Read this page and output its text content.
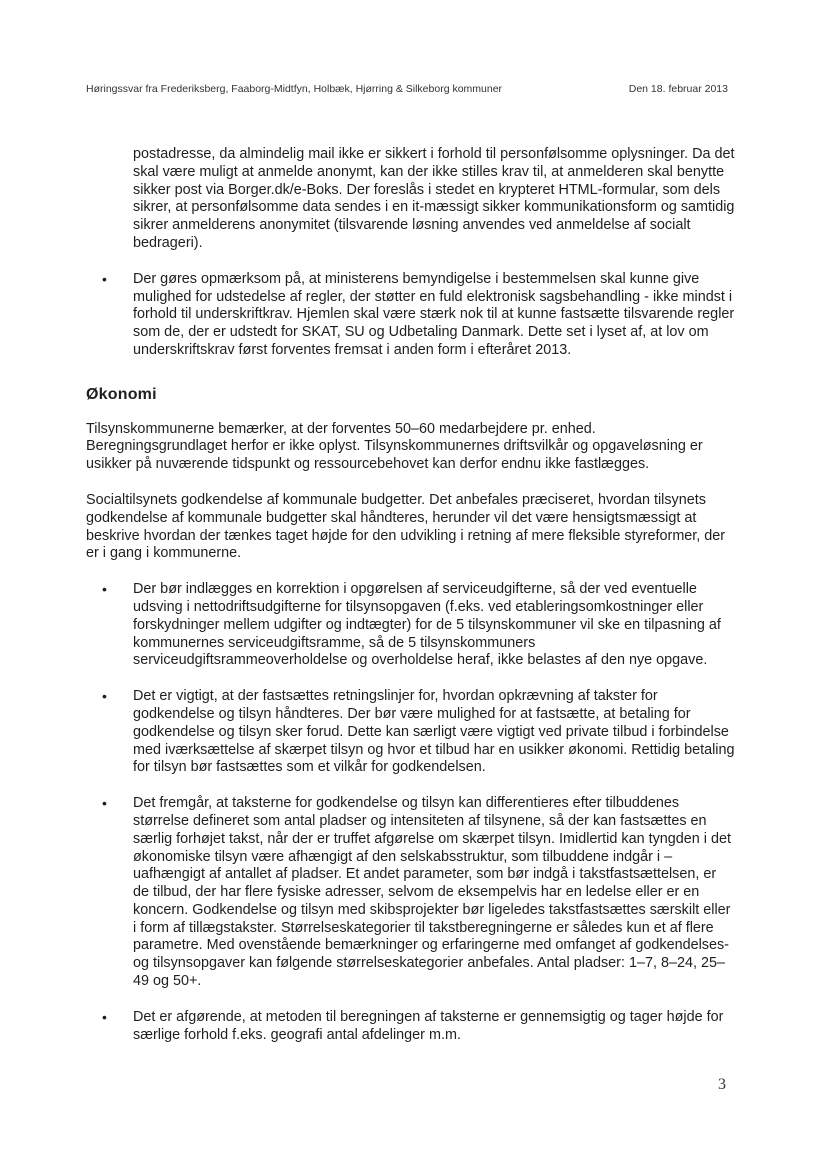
Høringssvar fra Frederiksberg, Faaborg-Midtfyn, Holbæk, Hjørring & Silkeborg kommuner	Den 18. februar 2013

postadresse, da almindelig mail ikke er sikkert i forhold til personfølsomme oplysninger. Da det skal være muligt at anmelde anonymt, kan der ikke stilles krav til, at anmelderen skal benytte sikker post via Borger.dk/e-Boks. Der foreslås i stedet en krypteret HTML-formular, som dels sikrer, at personfølsomme data sendes i en it-mæssigt sikker kommunikationsform og samtidig sikrer anmelderens anonymitet (tilsvarende løsning anvendes ved anmeldelse af socialt bedrageri).

• Der gøres opmærksom på, at ministerens bemyndigelse i bestemmelsen skal kunne give mulighed for udstedelse af regler, der støtter en fuld elektronisk sagsbehandling - ikke mindst i forhold til underskriftkrav. Hjemlen skal være stærk nok til at kunne fastsætte tilsvarende regler som de, der er udstedt for SKAT, SU og Udbetaling Danmark. Dette set i lyset af, at lov om underskriftskrav først forventes fremsat i anden form i efteråret 2013.

Økonomi

Tilsynskommunerne bemærker, at der forventes 50–60 medarbejdere pr. enhed. Beregningsgrundlaget herfor er ikke oplyst. Tilsynskommunernes driftsvilkår og opgaveløsning er usikker på nuværende tidspunkt og ressourcebehovet kan derfor endnu ikke fastlægges.

Socialtilsynets godkendelse af kommunale budgetter. Det anbefales præciseret, hvordan tilsynets godkendelse af kommunale budgetter skal håndteres, herunder vil det være hensigtsmæssigt at beskrive hvordan der tænkes taget højde for den udvikling i retning af mere fleksible styreformer, der er i gang i kommunerne.

• Der bør indlægges en korrektion i opgørelsen af serviceudgifterne, så der ved eventuelle udsving i nettodriftsudgifterne for tilsynsopgaven (f.eks. ved etableringsomkostninger eller forskydninger mellem udgifter og indtægter) for de 5 tilsynskommuner vil ske en tilpasning af kommunernes serviceudgiftsramme, så de 5 tilsynskommuners serviceudgiftsrammeoverholdelse og overholdelse heraf, ikke belastes af den nye opgave.
• Det er vigtigt, at der fastsættes retningslinjer for, hvordan opkrævning af takster for godkendelse og tilsyn håndteres. Der bør være mulighed for at fastsætte, at betaling for godkendelse og tilsyn sker forud. Dette kan særligt være vigtigt ved private tilbud i forbindelse med iværksættelse af skærpet tilsyn og hvor et tilbud har en usikker økonomi. Rettidig betaling for tilsyn bør fastsættes som et vilkår for godkendelsen.
• Det fremgår, at taksterne for godkendelse og tilsyn kan differentieres efter tilbuddenes størrelse defineret som antal pladser og intensiteten af tilsynene, så der kan fastsættes en særlig forhøjet takst, når der er truffet afgørelse om skærpet tilsyn. Imidlertid kan tyngden i det økonomiske tilsyn være afhængigt af den selskabsstruktur, som tilbuddene indgår i – uafhængigt af antallet af pladser. Et andet parameter, som bør indgå i takstfastsættelsen, er de tilbud, der har flere fysiske adresser, selvom de eksempelvis har en ledelse eller er en koncern. Godkendelse og tilsyn med skibsprojekter bør ligeledes takstfastsættes særskilt eller i form af tillægstakster. Størrelseskategorier til takstberegningerne er således kun et af flere parametre. Med ovenstående bemærkninger og erfaringerne med omfanget af godkendelses- og tilsynsopgaver kan følgende størrelseskategorier anbefales. Antal pladser: 1–7, 8–24, 25–49 og 50+.
• Det er afgørende, at metoden til beregningen af taksterne er gennemsigtig og tager højde for særlige forhold f.eks. geografi antal afdelinger m.m.
3
